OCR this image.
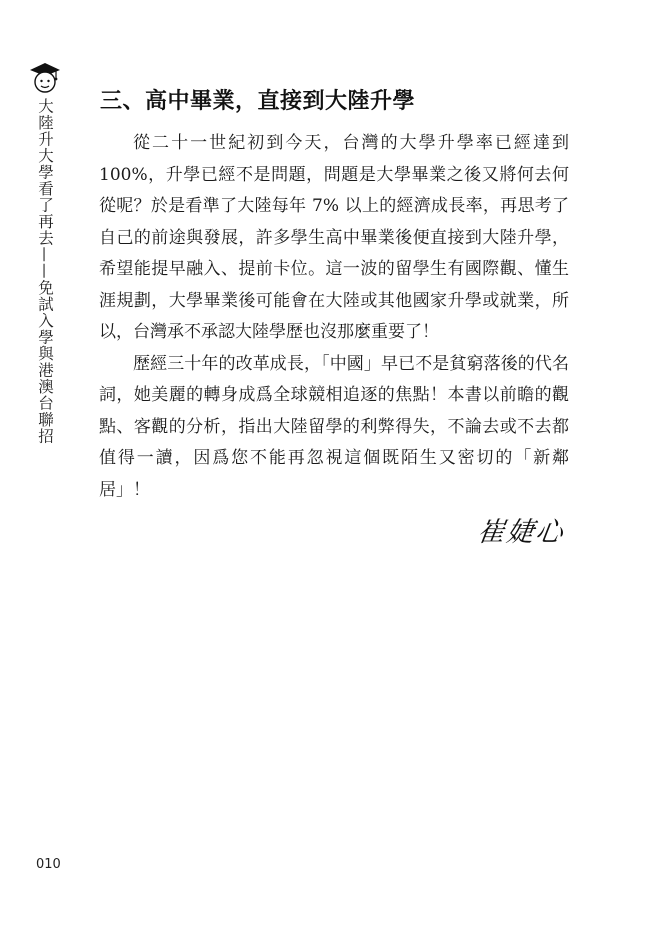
大陸升大學看了再去——免試入學與港澳台聯招 三、高中畢業，直接到大陸升學

從二十一世紀初到今天，台灣的大學升學率已經達到100%，升學已經不是問題，問題是大學畢業之後又將何去何從呢？於是看準了大陸每年 7% 以上的經濟成長率，再思考了自己的前途與發展，許多學生高中畢業後便直接到大陸升學，希望能提早融入、提前卡位。這一波的留學生有國際觀、懂生涯規劃，大學畢業後可能會在大陸或其他國家升學或就業，所以，台灣承不承認大陸學歷也沒那麼重要了！

歷經三十年的改革成長，「中國」早已不是貧窮落後的代名詞，她美麗的轉身成爲全球競相追逐的焦點！本書以前瞻的觀點、客觀的分析，指出大陸留學的利弊得失，不論去或不去都值得一讀，因爲您不能再忽視這個既陌生又密切的「新鄰居」！

崔婕心
010
